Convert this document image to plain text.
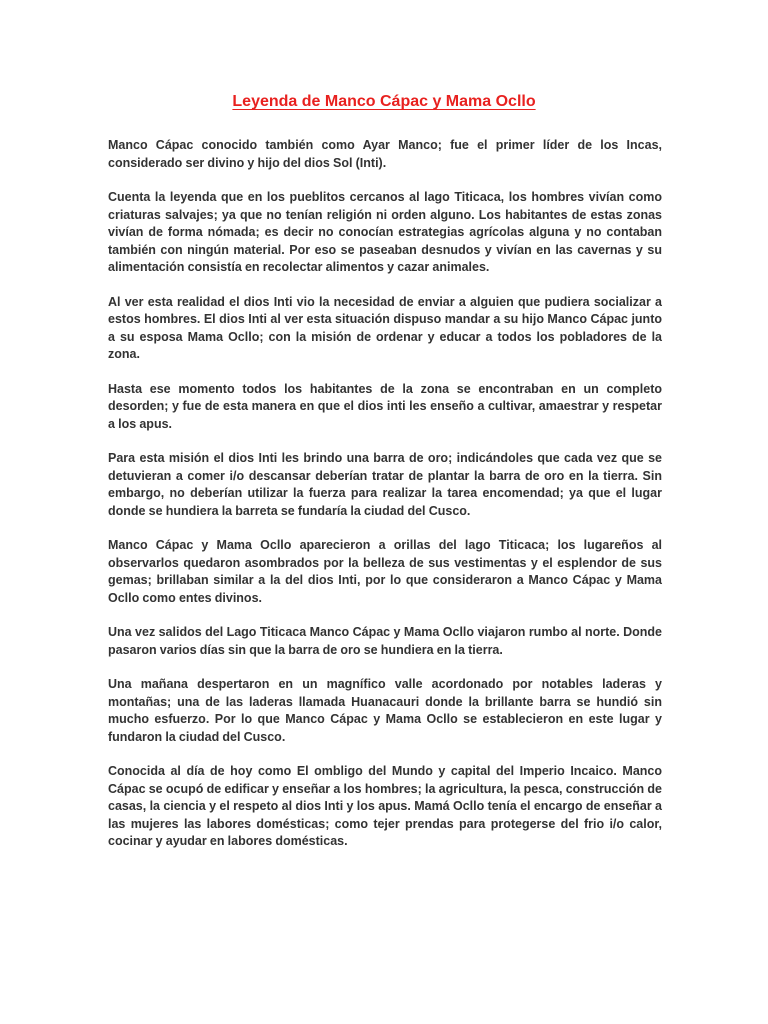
Leyenda de Manco Cápac y Mama Ocllo

Manco Cápac conocido también como Ayar Manco; fue el primer líder de los Incas, considerado ser divino y hijo del dios Sol (Inti).

Cuenta la leyenda que en los pueblitos cercanos al lago Titicaca, los hombres vivían como criaturas salvajes; ya que no tenían religión ni orden alguno. Los habitantes de estas zonas vivían de forma nómada; es decir no conocían estrategias agrícolas alguna y no contaban también con ningún material. Por eso se paseaban desnudos y vivían en las cavernas y su alimentación consistía en recolectar alimentos y cazar animales.

Al ver esta realidad el dios Inti vio la necesidad de enviar a alguien que pudiera socializar a estos hombres. El dios Inti al ver esta situación dispuso mandar a su hijo Manco Cápac junto a su esposa Mama Ocllo; con la misión de ordenar y educar a todos los pobladores de la zona.

Hasta ese momento todos los habitantes de la zona se encontraban en un completo desorden; y fue de esta manera en que el dios inti les enseño a cultivar, amaestrar y respetar a los apus.

Para esta misión el dios Inti les brindo una barra de oro; indicándoles que cada vez que se detuvieran a comer i/o descansar deberían tratar de plantar la barra de oro en la tierra. Sin embargo, no deberían utilizar la fuerza para realizar la tarea encomendad; ya que el lugar donde se hundiera la barreta se fundaría la ciudad del Cusco.

Manco Cápac y Mama Ocllo aparecieron a orillas del lago Titicaca; los lugareños al observarlos quedaron asombrados por la belleza de sus vestimentas y el esplendor de sus gemas; brillaban similar a la del dios Inti, por lo que consideraron a Manco Cápac y Mama Ocllo como entes divinos.

Una vez salidos del Lago Titicaca Manco Cápac y Mama Ocllo viajaron rumbo al norte. Donde pasaron varios días sin que la barra de oro se hundiera en la tierra.

Una mañana despertaron en un magnífico valle acordonado por notables laderas y montañas; una de las laderas llamada Huanacauri donde la brillante barra se hundió sin mucho esfuerzo. Por lo que Manco Cápac y Mama Ocllo se establecieron en este lugar y fundaron la ciudad del Cusco.

Conocida al día de hoy como El ombligo del Mundo y capital del Imperio Incaico. Manco Cápac se ocupó de edificar y enseñar a los hombres; la agricultura, la pesca, construcción de casas, la ciencia y el respeto al dios Inti y los apus. Mamá Ocllo tenía el encargo de enseñar a las mujeres las labores domésticas; como tejer prendas para protegerse del frio i/o calor, cocinar y ayudar en labores domésticas.
